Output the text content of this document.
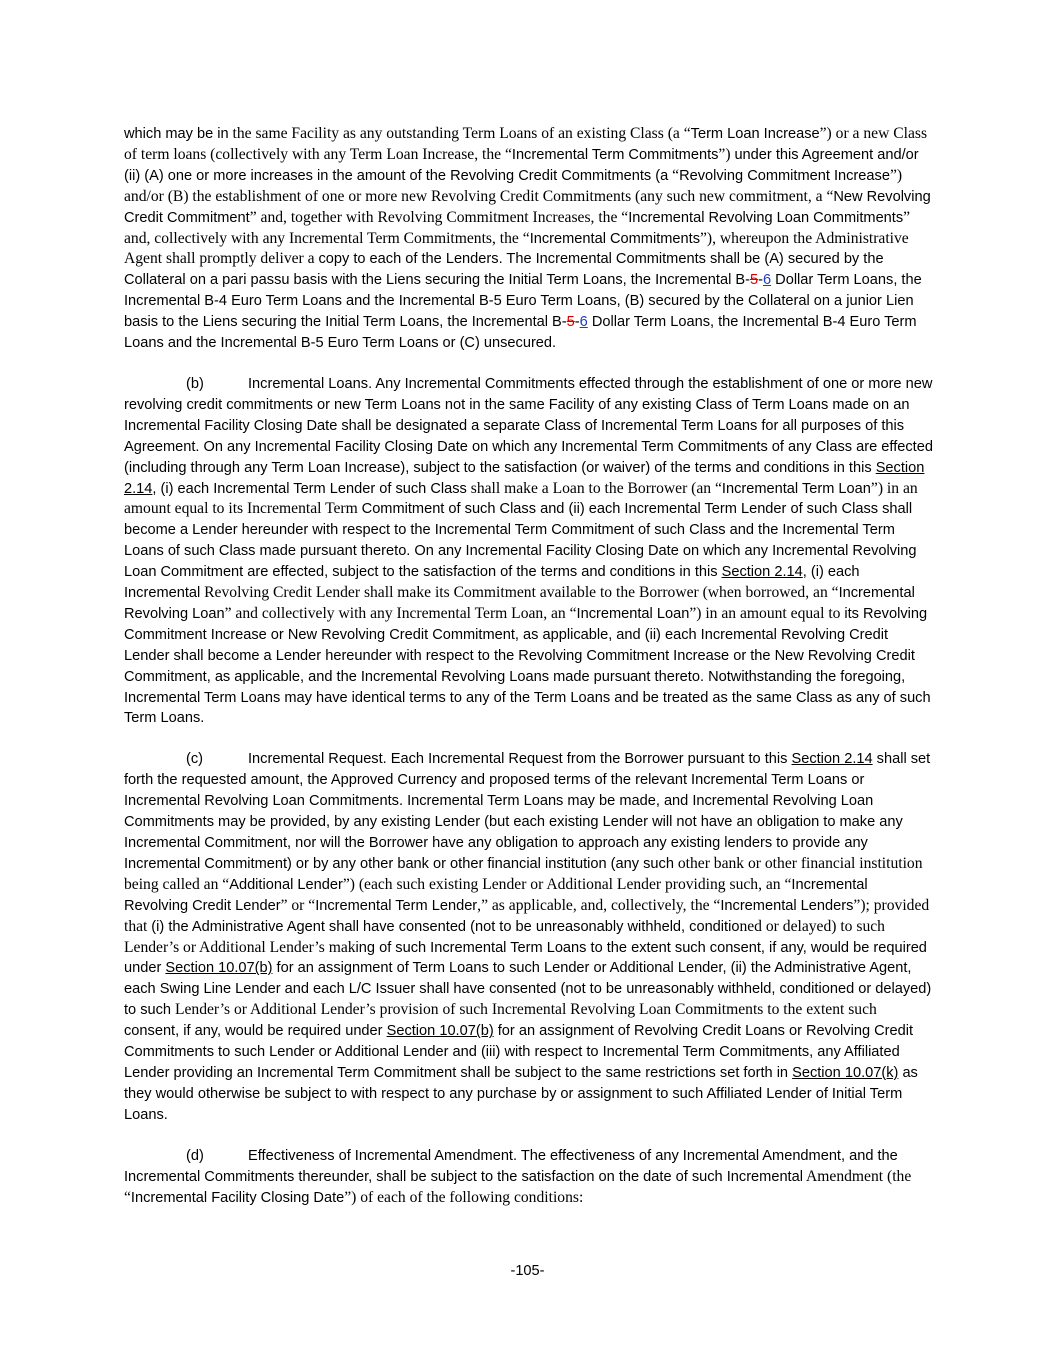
which may be in the same Facility as any outstanding Term Loans of an existing Class (a “Term Loan Increase”) or a new Class of term loans (collectively with any Term Loan Increase, the “Incremental Term Commitments”) under this Agreement and/or (ii) (A) one or more increases in the amount of the Revolving Credit Commitments (a “Revolving Commitment Increase”) and/or (B) the establishment of one or more new Revolving Credit Commitments (any such new commitment, a “New Revolving Credit Commitment” and, together with Revolving Commitment Increases, the “Incremental Revolving Loan Commitments” and, collectively with any Incremental Term Commitments, the “Incremental Commitments”), whereupon the Administrative Agent shall promptly deliver a copy to each of the Lenders. The Incremental Commitments shall be (A) secured by the Collateral on a pari passu basis with the Liens securing the Initial Term Loans, the Incremental B-5-6 Dollar Term Loans, the Incremental B-4 Euro Term Loans and the Incremental B-5 Euro Term Loans, (B) secured by the Collateral on a junior Lien basis to the Liens securing the Initial Term Loans, the Incremental B-5-6 Dollar Term Loans, the Incremental B-4 Euro Term Loans and the Incremental B-5 Euro Term Loans or (C) unsecured.

(b)	Incremental Loans. Any Incremental Commitments effected through the establishment of one or more new revolving credit commitments or new Term Loans not in the same Facility of any existing Class of Term Loans made on an Incremental Facility Closing Date shall be designated a separate Class of Incremental Term Loans for all purposes of this Agreement. On any Incremental Facility Closing Date on which any Incremental Term Commitments of any Class are effected (including through any Term Loan Increase), subject to the satisfaction (or waiver) of the terms and conditions in this Section 2.14, (i) each Incremental Term Lender of such Class shall make a Loan to the Borrower (an “Incremental Term Loan”) in an amount equal to its Incremental Term Commitment of such Class and (ii) each Incremental Term Lender of such Class shall become a Lender hereunder with respect to the Incremental Term Commitment of such Class and the Incremental Term Loans of such Class made pursuant thereto. On any Incremental Facility Closing Date on which any Incremental Revolving Loan Commitment are effected, subject to the satisfaction of the terms and conditions in this Section 2.14, (i) each Incremental Revolving Credit Lender shall make its Commitment available to the Borrower (when borrowed, an “Incremental Revolving Loan” and collectively with any Incremental Term Loan, an “Incremental Loan”) in an amount equal to its Revolving Commitment Increase or New Revolving Credit Commitment, as applicable, and (ii) each Incremental Revolving Credit Lender shall become a Lender hereunder with respect to the Revolving Commitment Increase or the New Revolving Credit Commitment, as applicable, and the Incremental Revolving Loans made pursuant thereto. Notwithstanding the foregoing, Incremental Term Loans may have identical terms to any of the Term Loans and be treated as the same Class as any of such Term Loans.

(c)	Incremental Request. Each Incremental Request from the Borrower pursuant to this Section 2.14 shall set forth the requested amount, the Approved Currency and proposed terms of the relevant Incremental Term Loans or Incremental Revolving Loan Commitments. Incremental Term Loans may be made, and Incremental Revolving Loan Commitments may be provided, by any existing Lender (but each existing Lender will not have an obligation to make any Incremental Commitment, nor will the Borrower have any obligation to approach any existing lenders to provide any Incremental Commitment) or by any other bank or other financial institution (any such other bank or other financial institution being called an “Additional Lender”) (each such existing Lender or Additional Lender providing such, an “Incremental Revolving Credit Lender” or “Incremental Term Lender,” as applicable, and, collectively, the “Incremental Lenders”); provided that (i) the Administrative Agent shall have consented (not to be unreasonably withheld, conditioned or delayed) to such Lender’s or Additional Lender’s making of such Incremental Term Loans to the extent such consent, if any, would be required under Section 10.07(b) for an assignment of Term Loans to such Lender or Additional Lender, (ii) the Administrative Agent, each Swing Line Lender and each L/C Issuer shall have consented (not to be unreasonably withheld, conditioned or delayed) to such Lender’s or Additional Lender’s provision of such Incremental Revolving Loan Commitments to the extent such consent, if any, would be required under Section 10.07(b) for an assignment of Revolving Credit Loans or Revolving Credit Commitments to such Lender or Additional Lender and (iii) with respect to Incremental Term Commitments, any Affiliated Lender providing an Incremental Term Commitment shall be subject to the same restrictions set forth in Section 10.07(k) as they would otherwise be subject to with respect to any purchase by or assignment to such Affiliated Lender of Initial Term Loans.

(d)	Effectiveness of Incremental Amendment. The effectiveness of any Incremental Amendment, and the Incremental Commitments thereunder, shall be subject to the satisfaction on the date of such Incremental Amendment (the “Incremental Facility Closing Date”) of each of the following conditions:

-105-
